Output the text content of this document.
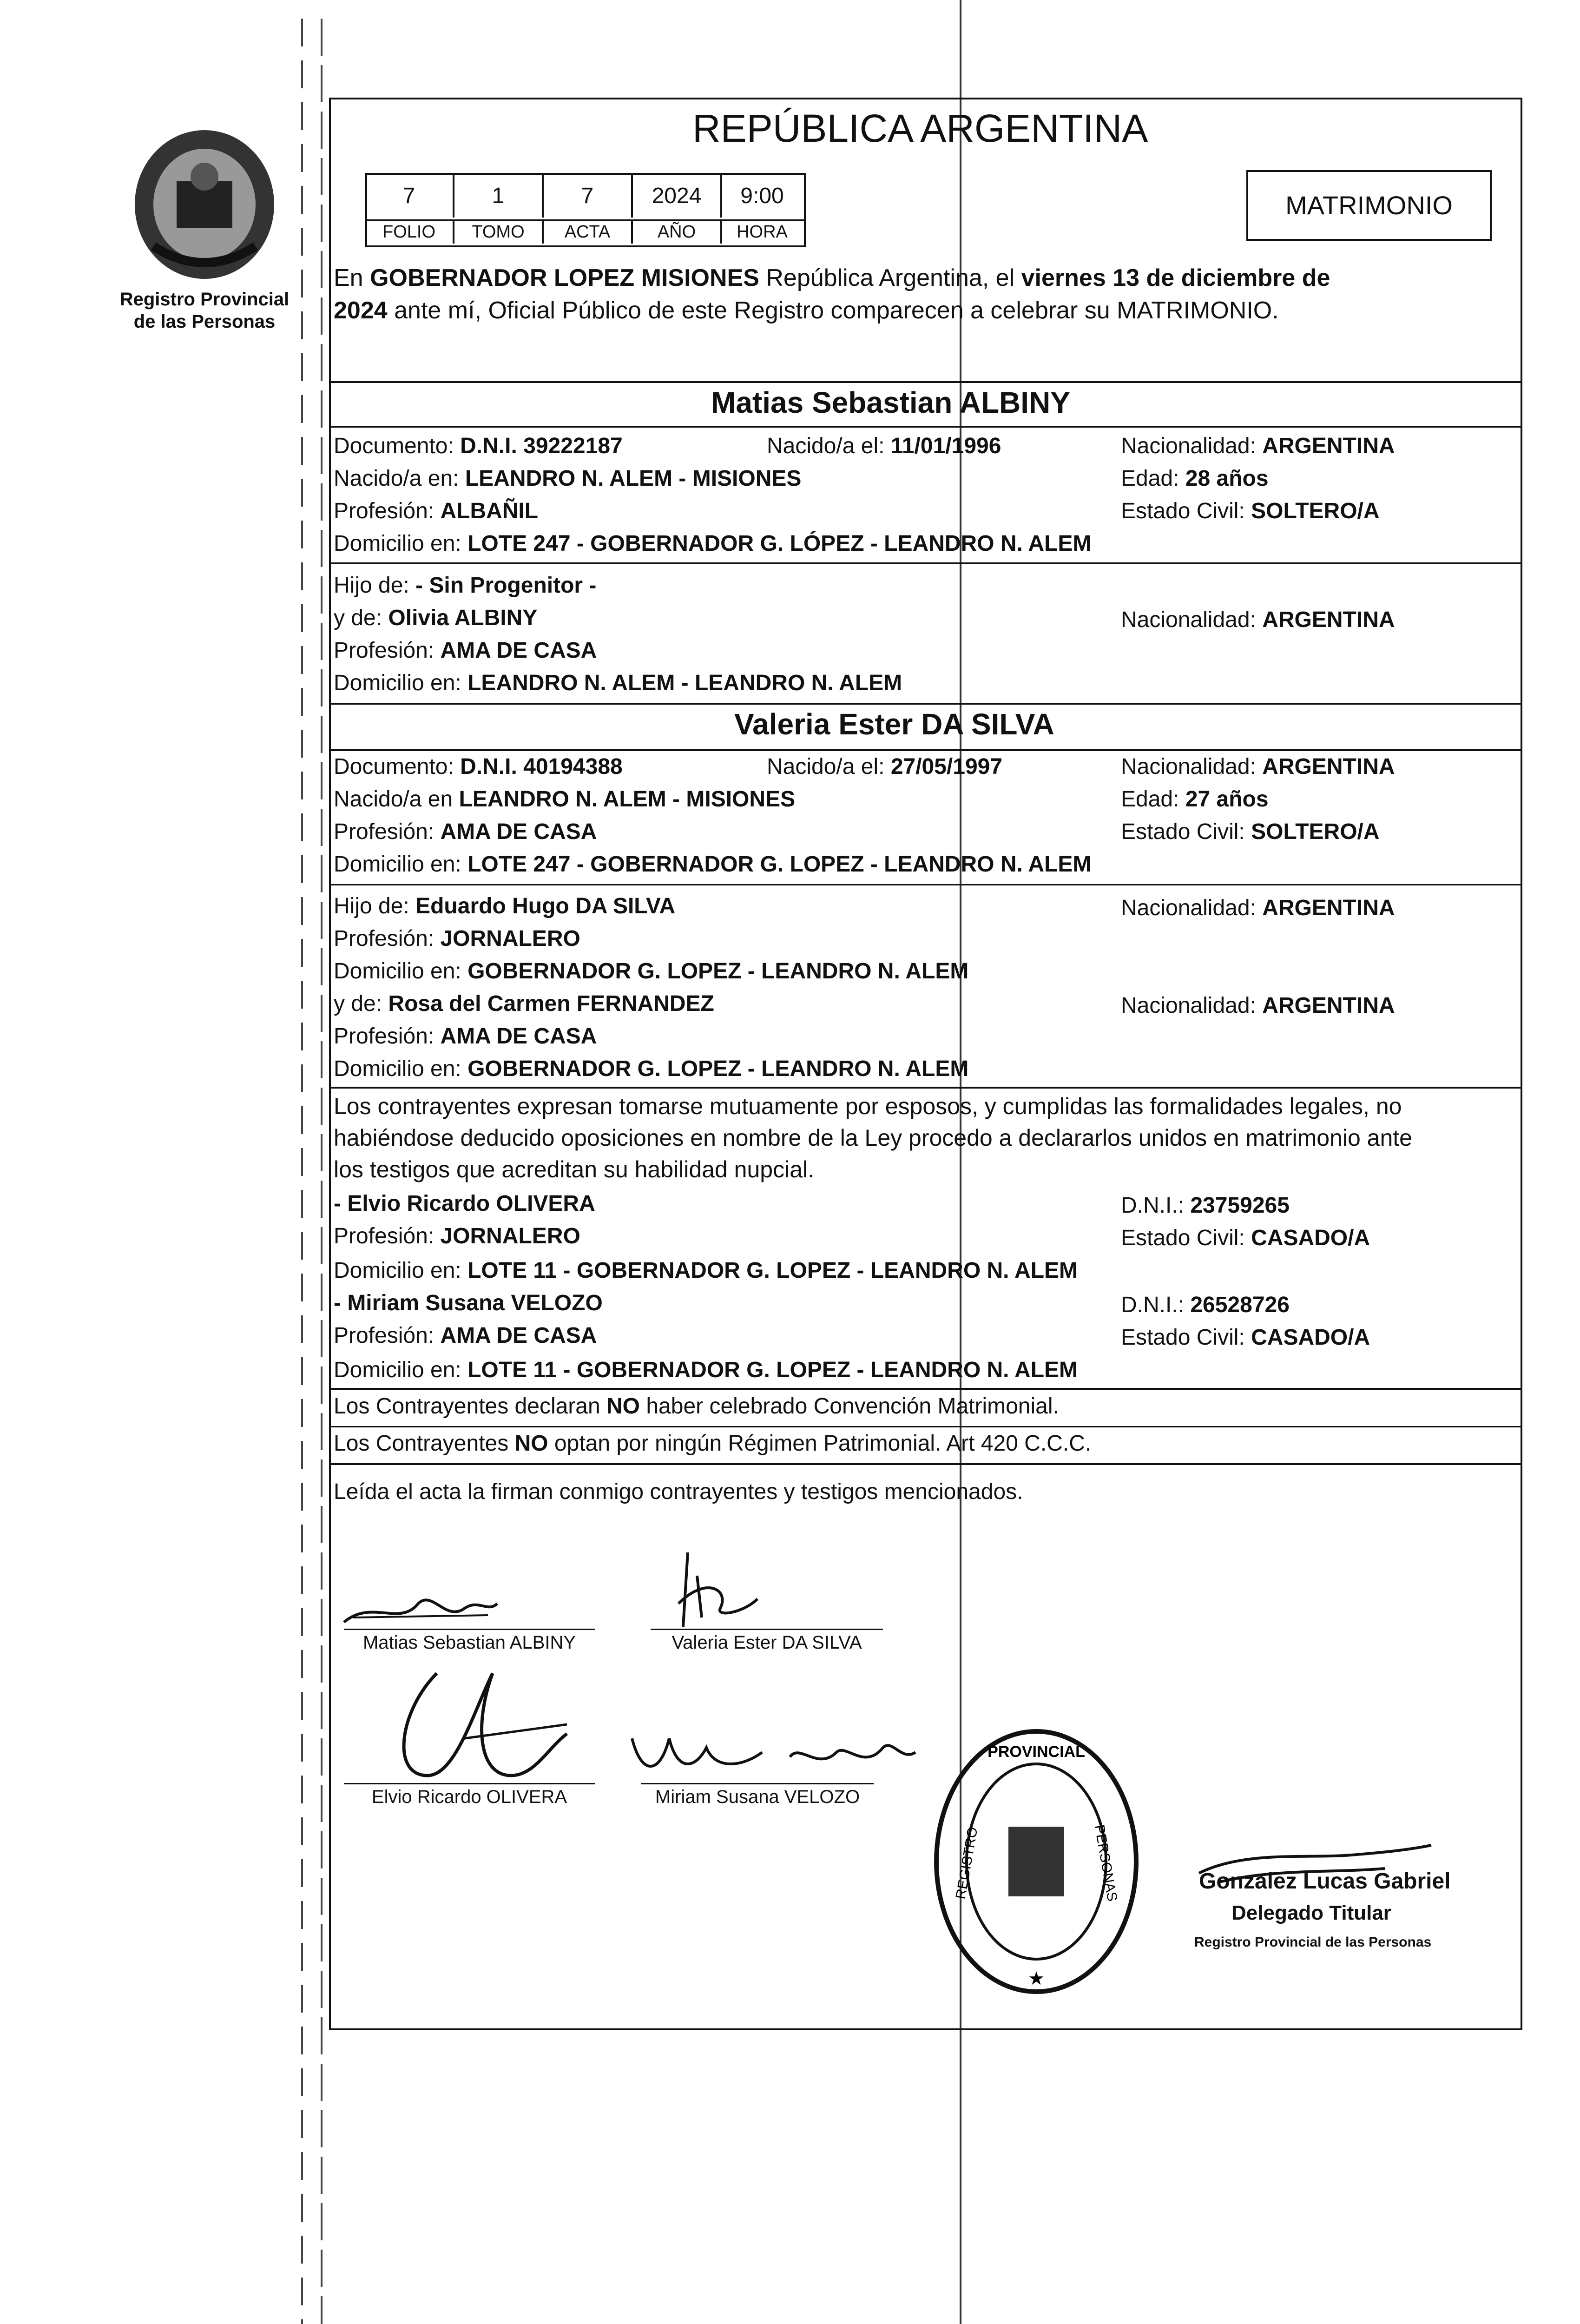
Registro Provincial
de las Personas
REPÚBLICA ARGENTINA
7	1	7	2024	9:00
FOLIO	TOMO	ACTA	AÑO	HORA
MATRIMONIO
En GOBERNADOR LOPEZ MISIONES República Argentina, el viernes 13 de diciembre de
2024 ante mí, Oficial Público de este Registro comparecen a celebrar su MATRIMONIO.
Matias Sebastian ALBINY
Documento: D.N.I. 39222187	Nacido/a el: 11/01/1996	Nacionalidad: ARGENTINA
Nacido/a en: LEANDRO N. ALEM - MISIONES	Edad: 28 años
Profesión: ALBAÑIL	Estado Civil: SOLTERO/A
Domicilio en: LOTE 247 - GOBERNADOR G. LÓPEZ - LEANDRO N. ALEM
Hijo de: - Sin Progenitor -
y de: Olivia ALBINY	Nacionalidad: ARGENTINA
Profesión: AMA DE CASA
Domicilio en: LEANDRO N. ALEM - LEANDRO N. ALEM
Valeria Ester DA SILVA
Documento: D.N.I. 40194388	Nacido/a el: 27/05/1997	Nacionalidad: ARGENTINA
Nacido/a en LEANDRO N. ALEM - MISIONES	Edad: 27 años
Profesión: AMA DE CASA	Estado Civil: SOLTERO/A
Domicilio en: LOTE 247 - GOBERNADOR G. LOPEZ - LEANDRO N. ALEM
Hijo de: Eduardo Hugo DA SILVA	Nacionalidad: ARGENTINA
Profesión: JORNALERO
Domicilio en: GOBERNADOR G. LOPEZ - LEANDRO N. ALEM
y de: Rosa del Carmen FERNANDEZ	Nacionalidad: ARGENTINA
Profesión: AMA DE CASA
Domicilio en: GOBERNADOR G. LOPEZ - LEANDRO N. ALEM
Los contrayentes expresan tomarse mutuamente por esposos, y cumplidas las formalidades legales, no
habiéndose deducido oposiciones en nombre de la Ley procedo a declararlos unidos en matrimonio ante
los testigos que acreditan su habilidad nupcial.
- Elvio Ricardo OLIVERA	D.N.I.: 23759265
Profesión: JORNALERO	Estado Civil: CASADO/A
Domicilio en: LOTE 11 - GOBERNADOR G. LOPEZ - LEANDRO N. ALEM
- Miriam Susana VELOZO	D.N.I.: 26528726
Profesión: AMA DE CASA	Estado Civil: CASADO/A
Domicilio en: LOTE 11 - GOBERNADOR G. LOPEZ - LEANDRO N. ALEM
Los Contrayentes declaran NO haber celebrado Convención Matrimonial.
Los Contrayentes NO optan por ningún Régimen Patrimonial. Art 420 C.C.C.
Leída el acta la firman conmigo contrayentes y testigos mencionados.
Matias Sebastian ALBINY	Valeria Ester DA SILVA
Elvio Ricardo OLIVERA	Miriam Susana VELOZO
PROVINCIAL
REGISTRO	PERSONAS
★
Gonzalez Lucas Gabriel
Delegado Titular
Registro Provincial de las Personas
